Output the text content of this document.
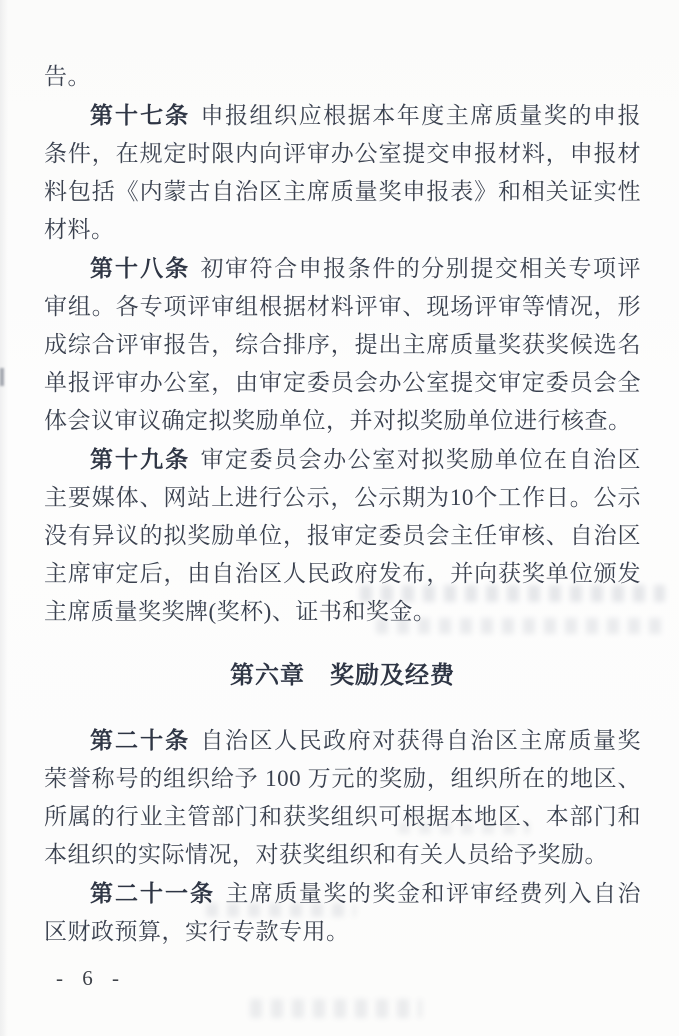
告。

第十七条 申报组织应根据本年度主席质量奖的申报条件，在规定时限内向评审办公室提交申报材料，申报材料包括《内蒙古自治区主席质量奖申报表》和相关证实性材料。

第十八条 初审符合申报条件的分别提交相关专项评审组。各专项评审组根据材料评审、现场评审等情况，形成综合评审报告，综合排序，提出主席质量奖获奖候选名单报评审办公室，由审定委员会办公室提交审定委员会全体会议审议确定拟奖励单位，并对拟奖励单位进行核查。

第十九条 审定委员会办公室对拟奖励单位在自治区主要媒体、网站上进行公示，公示期为10个工作日。公示没有异议的拟奖励单位，报审定委员会主任审核、自治区主席审定后，由自治区人民政府发布，并向获奖单位颁发主席质量奖奖牌(奖杯)、证书和奖金。

第六章　奖励及经费

第二十条 自治区人民政府对获得自治区主席质量奖荣誉称号的组织给予 100 万元的奖励，组织所在的地区、所属的行业主管部门和获奖组织可根据本地区、本部门和本组织的实际情况，对获奖组织和有关人员给予奖励。

第二十一条 主席质量奖的奖金和评审经费列入自治区财政预算，实行专款专用。

- 6 -
